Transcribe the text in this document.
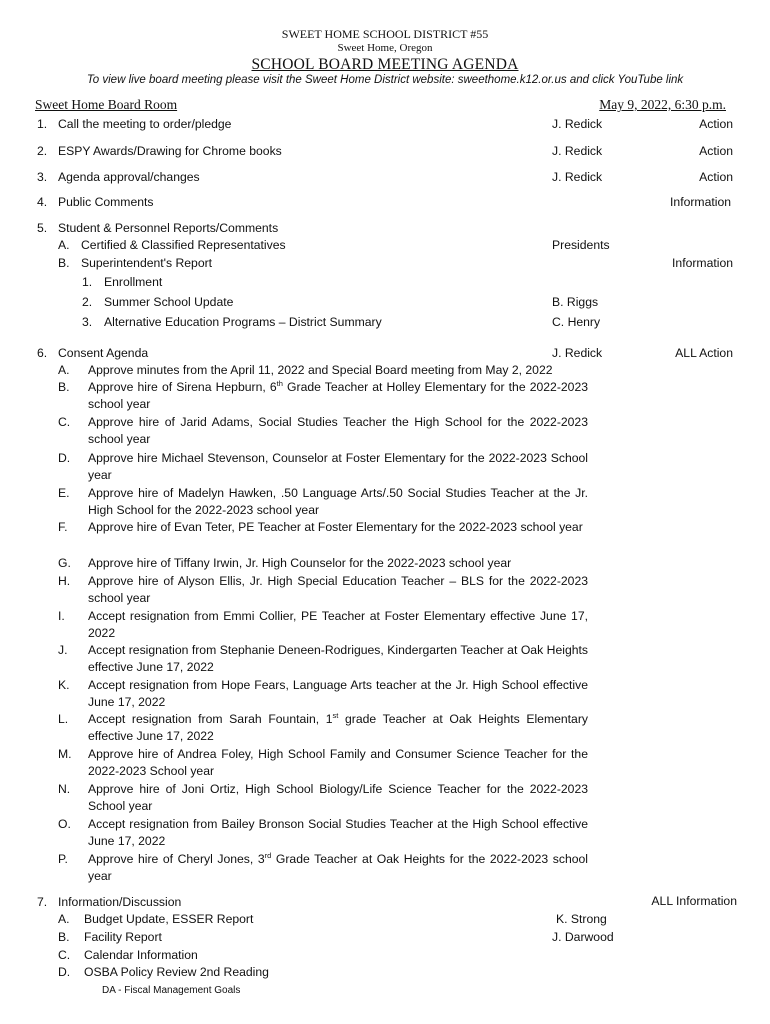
SWEET HOME SCHOOL DISTRICT #55
Sweet Home, Oregon
SCHOOL BOARD MEETING AGENDA
To view live board meeting please visit the Sweet Home District website: sweethome.k12.or.us and click YouTube link
Sweet Home Board Room	May 9, 2022, 6:30 p.m.
1. Call the meeting to order/pledge	J. Redick	Action
2. ESPY Awards/Drawing for Chrome books	J. Redick	Action
3. Agenda approval/changes	J. Redick	Action
4. Public Comments	Information
5. Student & Personnel Reports/Comments
A. Certified & Classified Representatives	Presidents
B. Superintendent's Report	Information
1. Enrollment
2. Summer School Update	B. Riggs
3. Alternative Education Programs – District Summary	C. Henry
6. Consent Agenda	J. Redick	ALL Action
A. Approve minutes from the April 11, 2022 and Special Board meeting from May 2, 2022
B. Approve hire of Sirena Hepburn, 6th Grade Teacher at Holley Elementary for the 2022-2023 school year
C. Approve hire of Jarid Adams, Social Studies Teacher the High School for the 2022-2023 school year
D. Approve hire Michael Stevenson, Counselor at Foster Elementary for the 2022-2023 School year
E. Approve hire of Madelyn Hawken, .50 Language Arts/.50 Social Studies Teacher at the Jr. High School for the 2022-2023 school year
F. Approve hire of Evan Teter, PE Teacher at Foster Elementary for the 2022-2023 school year
G. Approve hire of Tiffany Irwin, Jr. High Counselor for the 2022-2023 school year
H. Approve hire of Alyson Ellis, Jr. High Special Education Teacher – BLS for the 2022-2023 school year
I. Accept resignation from Emmi Collier, PE Teacher at Foster Elementary effective June 17, 2022
J. Accept resignation from Stephanie Deneen-Rodrigues, Kindergarten Teacher at Oak Heights effective June 17, 2022
K. Accept resignation from Hope Fears, Language Arts teacher at the Jr. High School effective June 17, 2022
L. Accept resignation from Sarah Fountain, 1st grade Teacher at Oak Heights Elementary effective June 17, 2022
M. Approve hire of Andrea Foley, High School Family and Consumer Science Teacher for the 2022-2023 School year
N. Approve hire of Joni Ortiz, High School Biology/Life Science Teacher for the 2022-2023 School year
O. Accept resignation from Bailey Bronson Social Studies Teacher at the High School effective June 17, 2022
P. Approve hire of Cheryl Jones, 3rd Grade Teacher at Oak Heights for the 2022-2023 school year
7. Information/Discussion	ALL Information
A. Budget Update, ESSER Report	K. Strong
B. Facility Report	J. Darwood
C. Calendar Information
D. OSBA Policy Review 2nd Reading
DA - Fiscal Management Goals
